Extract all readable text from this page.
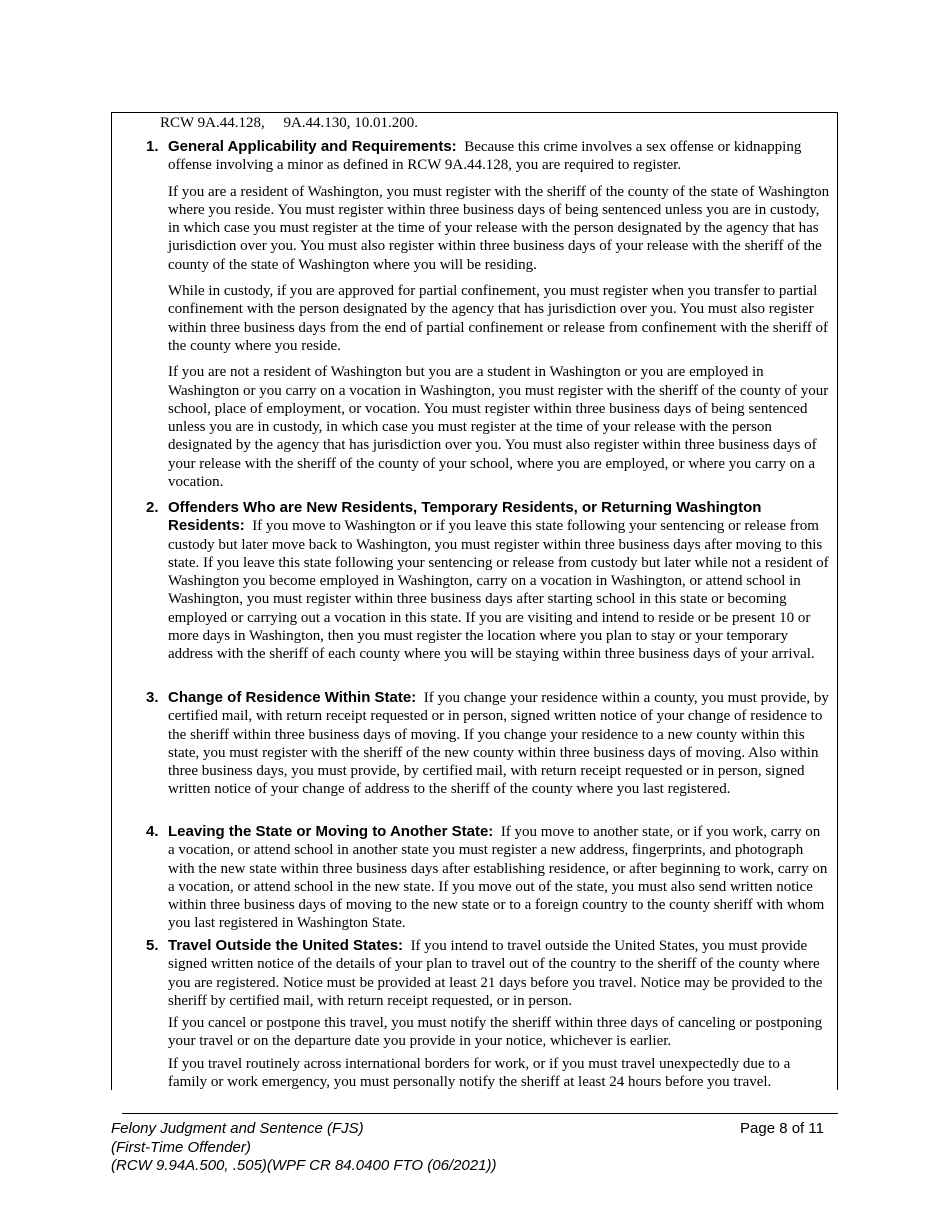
RCW 9A.44.128,     9A.44.130, 10.01.200.
1. General Applicability and Requirements: Because this crime involves a sex offense or kidnapping offense involving a minor as defined in RCW 9A.44.128, you are required to register.

If you are a resident of Washington, you must register with the sheriff of the county of the state of Washington where you reside. You must register within three business days of being sentenced unless you are in custody, in which case you must register at the time of your release with the person designated by the agency that has jurisdiction over you. You must also register within three business days of your release with the sheriff of the county of the state of Washington where you will be residing.

While in custody, if you are approved for partial confinement, you must register when you transfer to partial confinement with the person designated by the agency that has jurisdiction over you. You must also register within three business days from the end of partial confinement or release from confinement with the sheriff of the county where you reside.

If you are not a resident of Washington but you are a student in Washington or you are employed in Washington or you carry on a vocation in Washington, you must register with the sheriff of the county of your school, place of employment, or vocation. You must register within three business days of being sentenced unless you are in custody, in which case you must register at the time of your release with the person designated by the agency that has jurisdiction over you. You must also register within three business days of your release with the sheriff of the county of your school, where you are employed, or where you carry on a vocation.

2. Offenders Who are New Residents, Temporary Residents, or Returning Washington Residents: If you move to Washington or if you leave this state following your sentencing or release from custody but later move back to Washington, you must register within three business days after moving to this state. If you leave this state following your sentencing or release from custody but later while not a resident of Washington you become employed in Washington, carry on a vocation in Washington, or attend school in Washington, you must register within three business days after starting school in this state or becoming employed or carrying out a vocation in this state. If you are visiting and intend to reside or be present 10 or more days in Washington, then you must register the location where you plan to stay or your temporary address with the sheriff of each county where you will be staying within three business days of your arrival.

3. Change of Residence Within State: If you change your residence within a county, you must provide, by certified mail, with return receipt requested or in person, signed written notice of your change of residence to the sheriff within three business days of moving. If you change your residence to a new county within this state, you must register with the sheriff of the new county within three business days of moving. Also within three business days, you must provide, by certified mail, with return receipt requested or in person, signed written notice of your change of address to the sheriff of the county where you last registered.

4. Leaving the State or Moving to Another State: If you move to another state, or if you work, carry on a vocation, or attend school in another state you must register a new address, fingerprints, and photograph with the new state within three business days after establishing residence, or after beginning to work, carry on a vocation, or attend school in the new state. If you move out of the state, you must also send written notice within three business days of moving to the new state or to a foreign country to the county sheriff with whom you last registered in Washington State.

5. Travel Outside the United States: If you intend to travel outside the United States, you must provide signed written notice of the details of your plan to travel out of the country to the sheriff of the county where you are registered. Notice must be provided at least 21 days before you travel. Notice may be provided to the sheriff by certified mail, with return receipt requested, or in person.

If you cancel or postpone this travel, you must notify the sheriff within three days of canceling or postponing your travel or on the departure date you provide in your notice, whichever is earlier.

If you travel routinely across international borders for work, or if you must travel unexpectedly due to a family or work emergency, you must personally notify the sheriff at least 24 hours before you travel.

Felony Judgment and Sentence (FJS)
(First-Time Offender)
(RCW 9.94A.500, .505)(WPF CR 84.0400 FTO (06/2021))
Page 8 of 11
